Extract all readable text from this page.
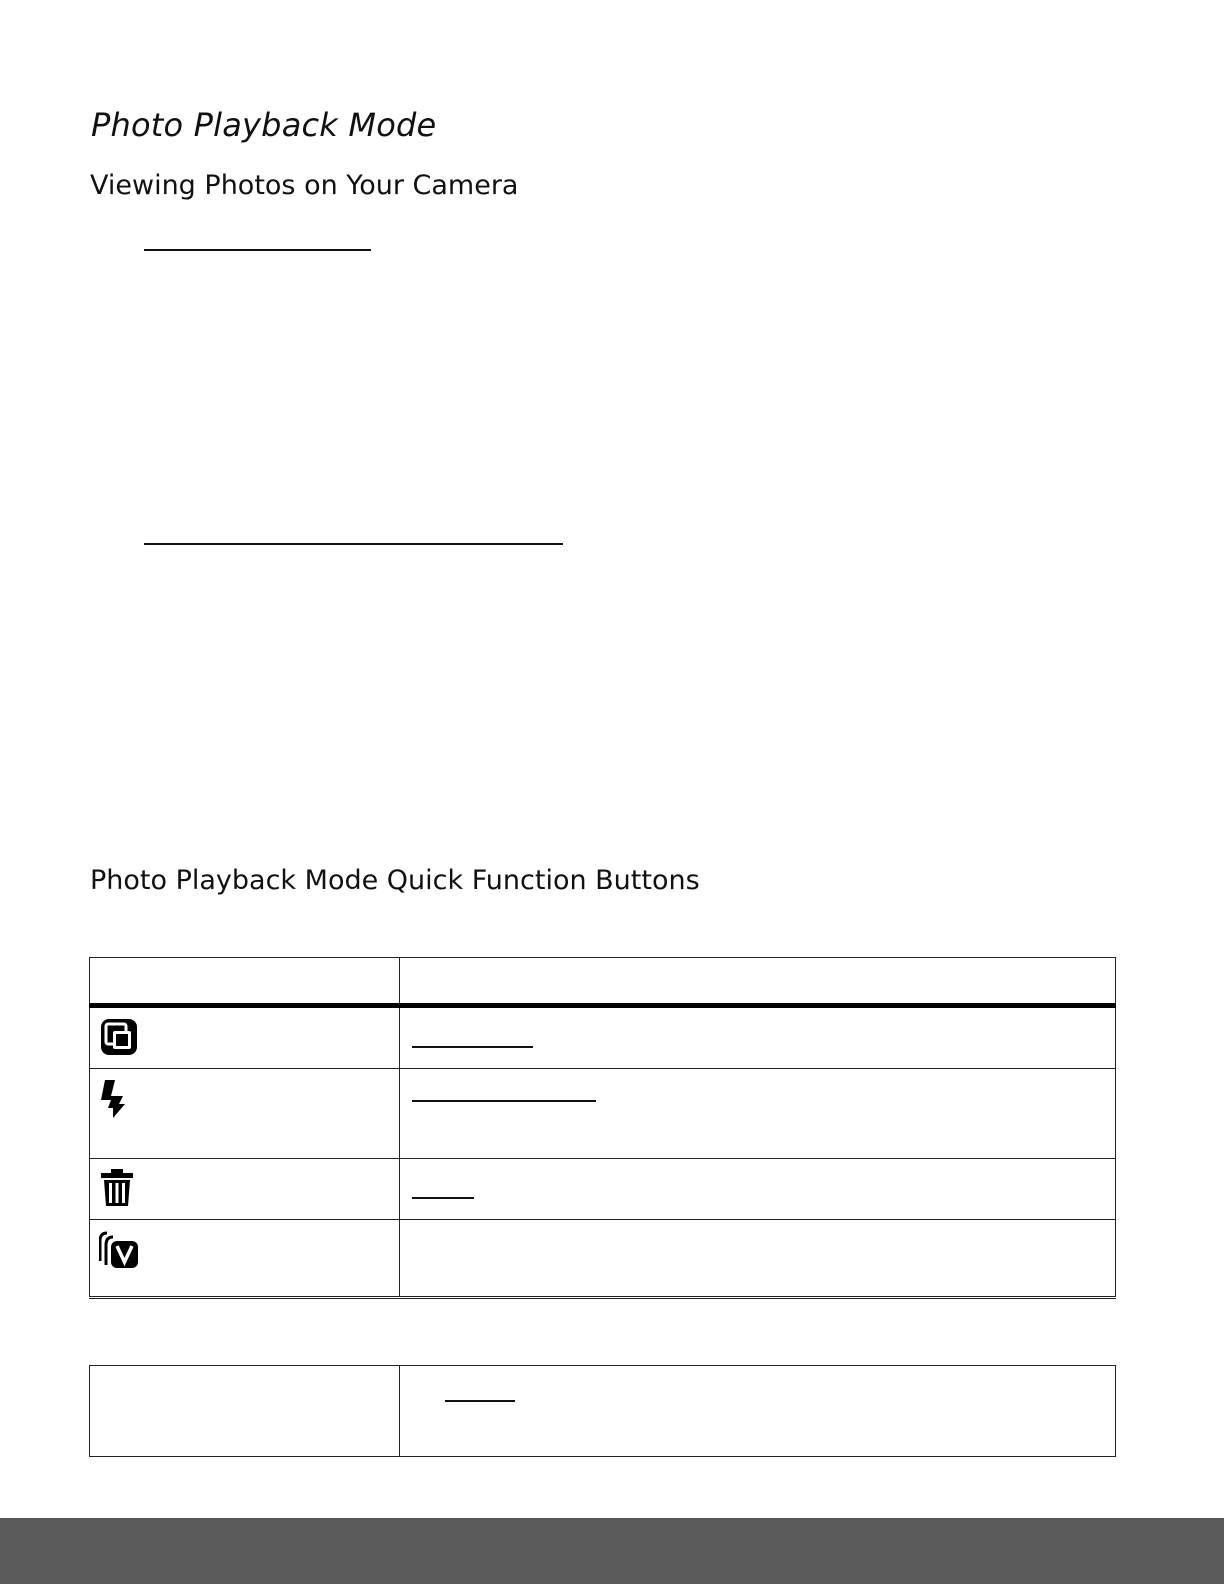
Photo Playback Mode
Viewing Photos on Your Camera
Photo Playback Mode Quick Function Buttons
